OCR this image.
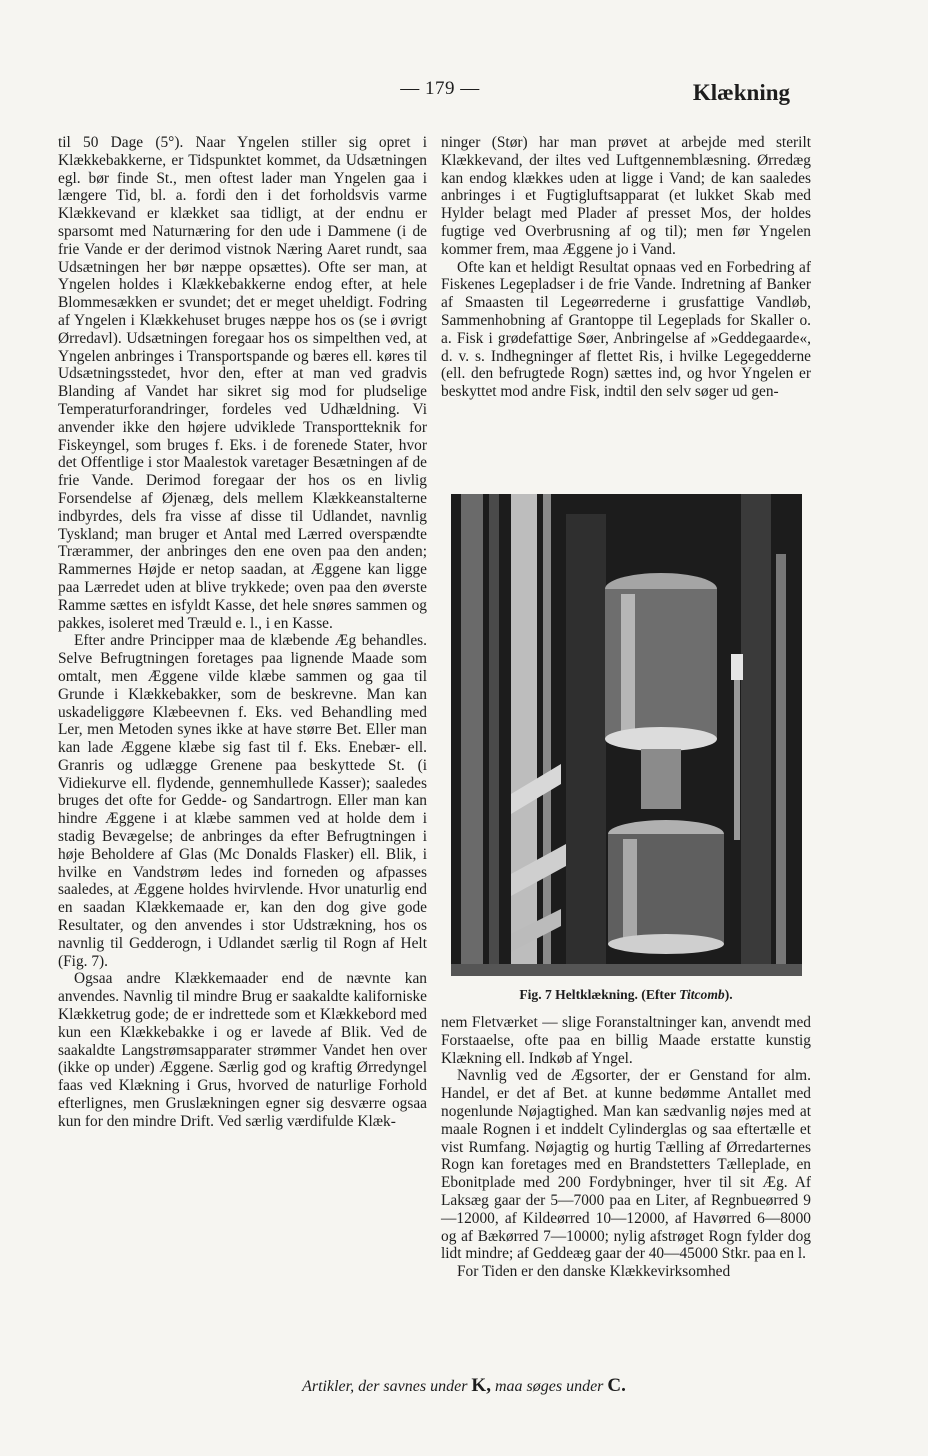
— 179 —	Klækning

til 50 Dage (5°). Naar Yngelen stiller sig opret i Klækkebakkerne, er Tidspunktet kommet, da Udsætningen egl. bør finde St., men oftest lader man Yngelen gaa i længere Tid, bl. a. fordi den i det forholdsvis varme Klækkevand er klækket saa tidligt, at der endnu er sparsomt med Naturnæring for den ude i Dammene (i de frie Vande er der derimod vistnok Næring Aaret rundt, saa Udsætningen her bør næppe opsættes). Ofte ser man, at Yngelen holdes i Klækkebakkerne endog efter, at hele Blommesækken er svundet; det er meget uheldigt. Fodring af Yngelen i Klækkehuset bruges næppe hos os (se i øvrigt Ørredavl). Udsætningen foregaar hos os simpelthen ved, at Yngelen anbringes i Transportspande og bæres ell. køres til Udsætningsstedet, hvor den, efter at man ved gradvis Blanding af Vandet har sikret sig mod for pludselige Temperaturforandringer, fordeles ved Udhældning. Vi anvender ikke den højere udviklede Transportteknik for Fiskeyngel, som bruges f. Eks. i de forenede Stater, hvor det Offentlige i stor Maalestok varetager Besætningen af de frie Vande. Derimod foregaar der hos os en livlig Forsendelse af Øjenæg, dels mellem Klækkeanstalterne indbyrdes, dels fra visse af disse til Udlandet, navnlig Tyskland; man bruger et Antal med Lærred overspændte Trærammer, der anbringes den ene oven paa den anden; Rammernes Højde er netop saadan, at Æggene kan ligge paa Lærredet uden at blive trykkede; oven paa den øverste Ramme sættes en isfyldt Kasse, det hele snøres sammen og pakkes, isoleret med Træuld e. l., i en Kasse.

Efter andre Principper maa de klæbende Æg behandles. Selve Befrugtningen foretages paa lignende Maade som omtalt, men Æggene vilde klæbe sammen og gaa til Grunde i Klækkebakker, som de beskrevne. Man kan uskadeliggøre Klæbeevnen f. Eks. ved Behandling med Ler, men Metoden synes ikke at have større Bet. Eller man kan lade Æggene klæbe sig fast til f. Eks. Enebær- ell. Granris og udlægge Grenene paa beskyttede St. (i Vidiekurve ell. flydende, gennemhullede Kasser); saaledes bruges det ofte for Gedde- og Sandartrogn. Eller man kan hindre Æggene i at klæbe sammen ved at holde dem i stadig Bevægelse; de anbringes da efter Befrugtningen i høje Beholdere af Glas (Mc Donalds Flasker) ell. Blik, i hvilke en Vandstrøm ledes ind forneden og afpasses saaledes, at Æggene holdes hvirvlende. Hvor unaturlig end en saadan Klækkemaade er, kan den dog give gode Resultater, og den anvendes i stor Udstrækning, hos os navnlig til Gedderogn, i Udlandet særlig til Rogn af Helt (Fig. 7).

Ogsaa andre Klækkemaader end de nævnte kan anvendes. Navnlig til mindre Brug er saakaldte kaliforniske Klækketrug gode; de er indrettede som et Klækkebord med kun een Klækkebakke i og er lavede af Blik. Ved de saakaldte Langstrømsapparater strømmer Vandet hen over (ikke op under) Æggene. Særlig god og kraftig Ørredyngel faas ved Klækning i Grus, hvorved de naturlige Forhold efterlignes, men Gruslækningen egner sig desværre ogsaa kun for den mindre Drift. Ved særlig værdifulde Klæk-

ninger (Stør) har man prøvet at arbejde med sterilt Klækkevand, der iltes ved Luftgennemblæsning. Ørredæg kan endog klækkes uden at ligge i Vand; de kan saaledes anbringes i et Fugtigluftsapparat (et lukket Skab med Hylder belagt med Plader af presset Mos, der holdes fugtige ved Overbrusning af og til); men før Yngelen kommer frem, maa Æggene jo i Vand.

Ofte kan et heldigt Resultat opnaas ved en Forbedring af Fiskenes Legepladser i de frie Vande. Indretning af Banker af Smaasten til Legeørrederne i grusfattige Vandløb, Sammenhobning af Grantoppe til Legeplads for Skaller o. a. Fisk i grødefattige Søer, Anbringelse af »Geddegaarde«, d. v. s. Indhegninger af flettet Ris, i hvilke Legegedderne (ell. den befrugtede Rogn) sættes ind, og hvor Yngelen er beskyttet mod andre Fisk, indtil den selv søger ud gen-

Fig. 7 Heltklækning. (Efter Titcomb).

nem Fletværket — slige Foranstaltninger kan, anvendt med Forstaaelse, ofte paa en billig Maade erstatte kunstig Klækning ell. Indkøb af Yngel.

Navnlig ved de Ægsorter, der er Genstand for alm. Handel, er det af Bet. at kunne bedømme Antallet med nogenlunde Nøjagtighed. Man kan sædvanlig nøjes med at maale Rognen i et inddelt Cylinderglas og saa eftertælle et vist Rumfang. Nøjagtig og hurtig Tælling af Ørredarternes Rogn kan foretages med en Brandstetters Tælleplade, en Ebonitplade med 200 Fordybninger, hver til sit Æg. Af Laksæg gaar der 5—7000 paa en Liter, af Regnbueørred 9—12000, af Kildeørred 10—12000, af Havørred 6—8000 og af Bækørred 7—10000; nylig afstrøget Rogn fylder dog lidt mindre; af Geddeæg gaar der 40—45000 Stkr. paa en l.

For Tiden er den danske Klækkevirksomhed

Artikler, der savnes under K, maa søges under C.
